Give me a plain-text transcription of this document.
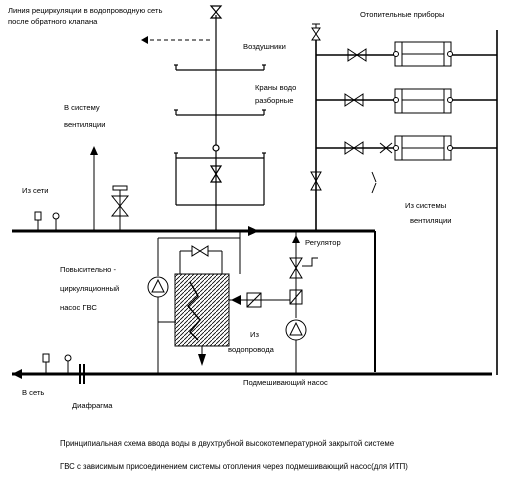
Линия рециркуляции в водопроводную сеть
после обратного клапана
Отопительные приборы
Воздушники
Краны водо
разборные
В систему
вентиляции
Из сети
Из системы
вентиляции
Регулятор
Повысительно -
циркуляционный
насос ГВС
Из
водопровода
Подмешивающий насос
В сеть
Диафрагма
Принципиальная схема ввода воды в двухтрубной высокотемпературной закрытой системе
ГВС с зависимым присоединением системы отопления через подмешивающий насос(для ИТП)
